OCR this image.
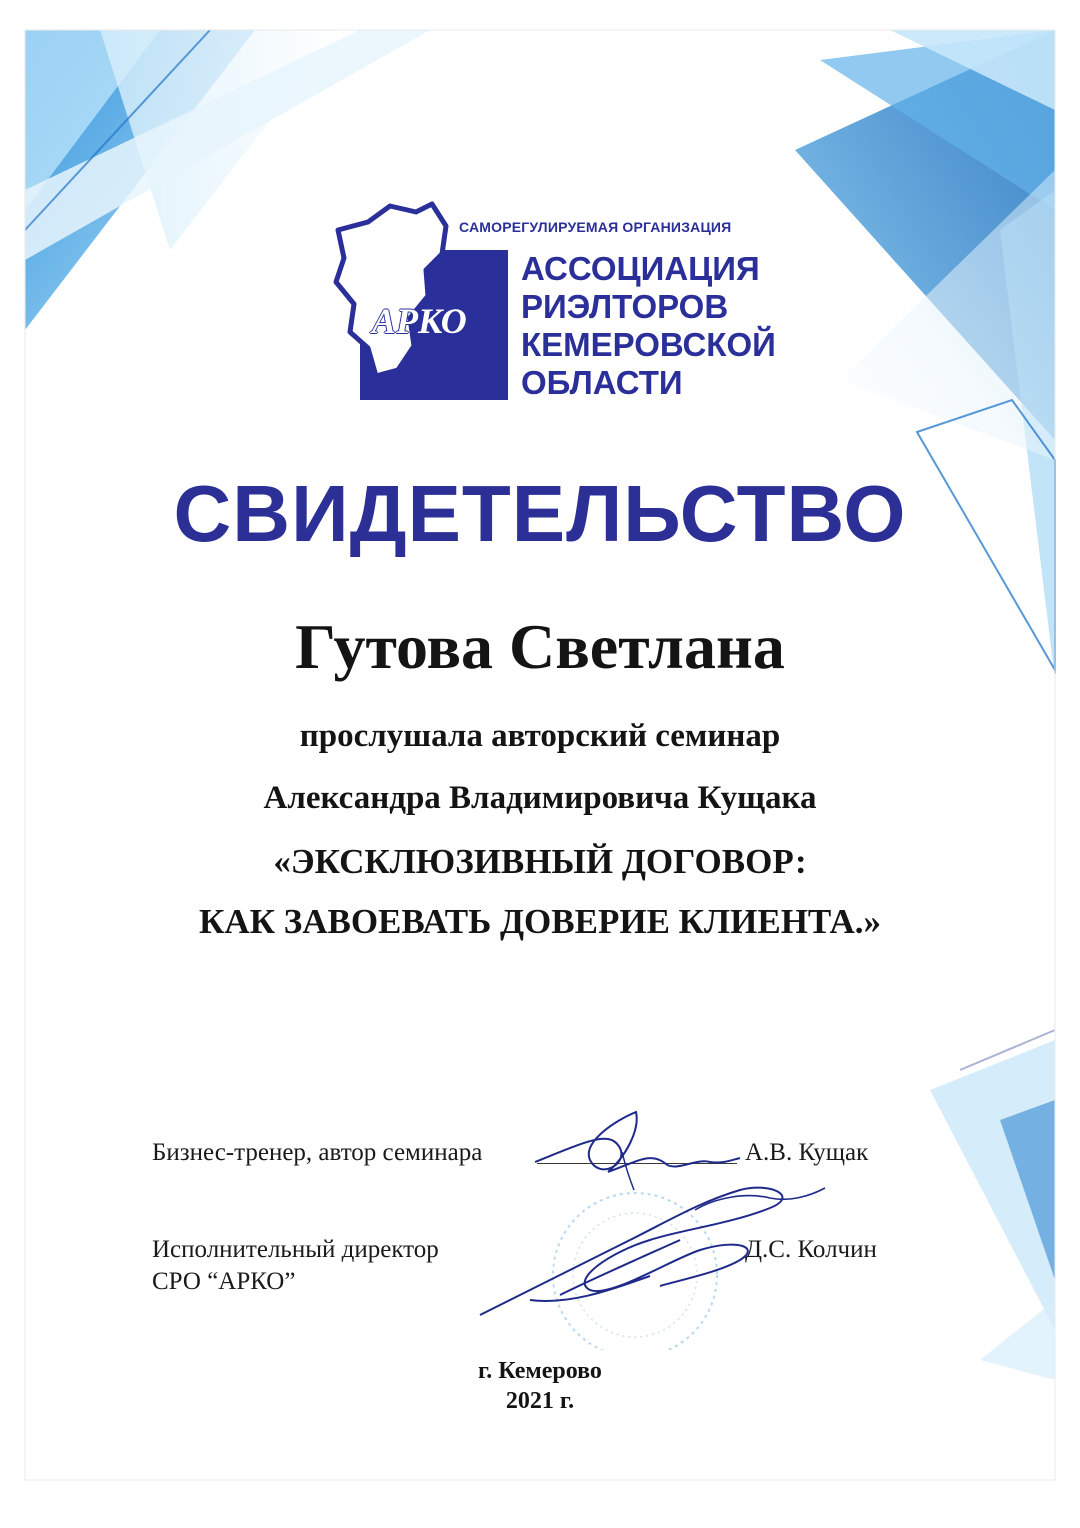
АРКО
САМОРЕГУЛИРУЕМАЯ ОРГАНИЗАЦИЯ
АССОЦИАЦИЯ
РИЭЛТОРОВ
КЕМЕРОВСКОЙ
ОБЛАСТИ
СВИДЕТЕЛЬСТВО
Гутова Светлана
прослушала авторский семинар
Александра Владимировича Кущака
«ЭКСКЛЮЗИВНЫЙ ДОГОВОР:
КАК ЗАВОЕВАТЬ ДОВЕРИЕ КЛИЕНТА.»
Бизнес-тренер, автор семинара	А.В. Кущак
Исполнительный директор
СРО “АРКО”
Д.С. Колчин
г. Кемерово
2021 г.
